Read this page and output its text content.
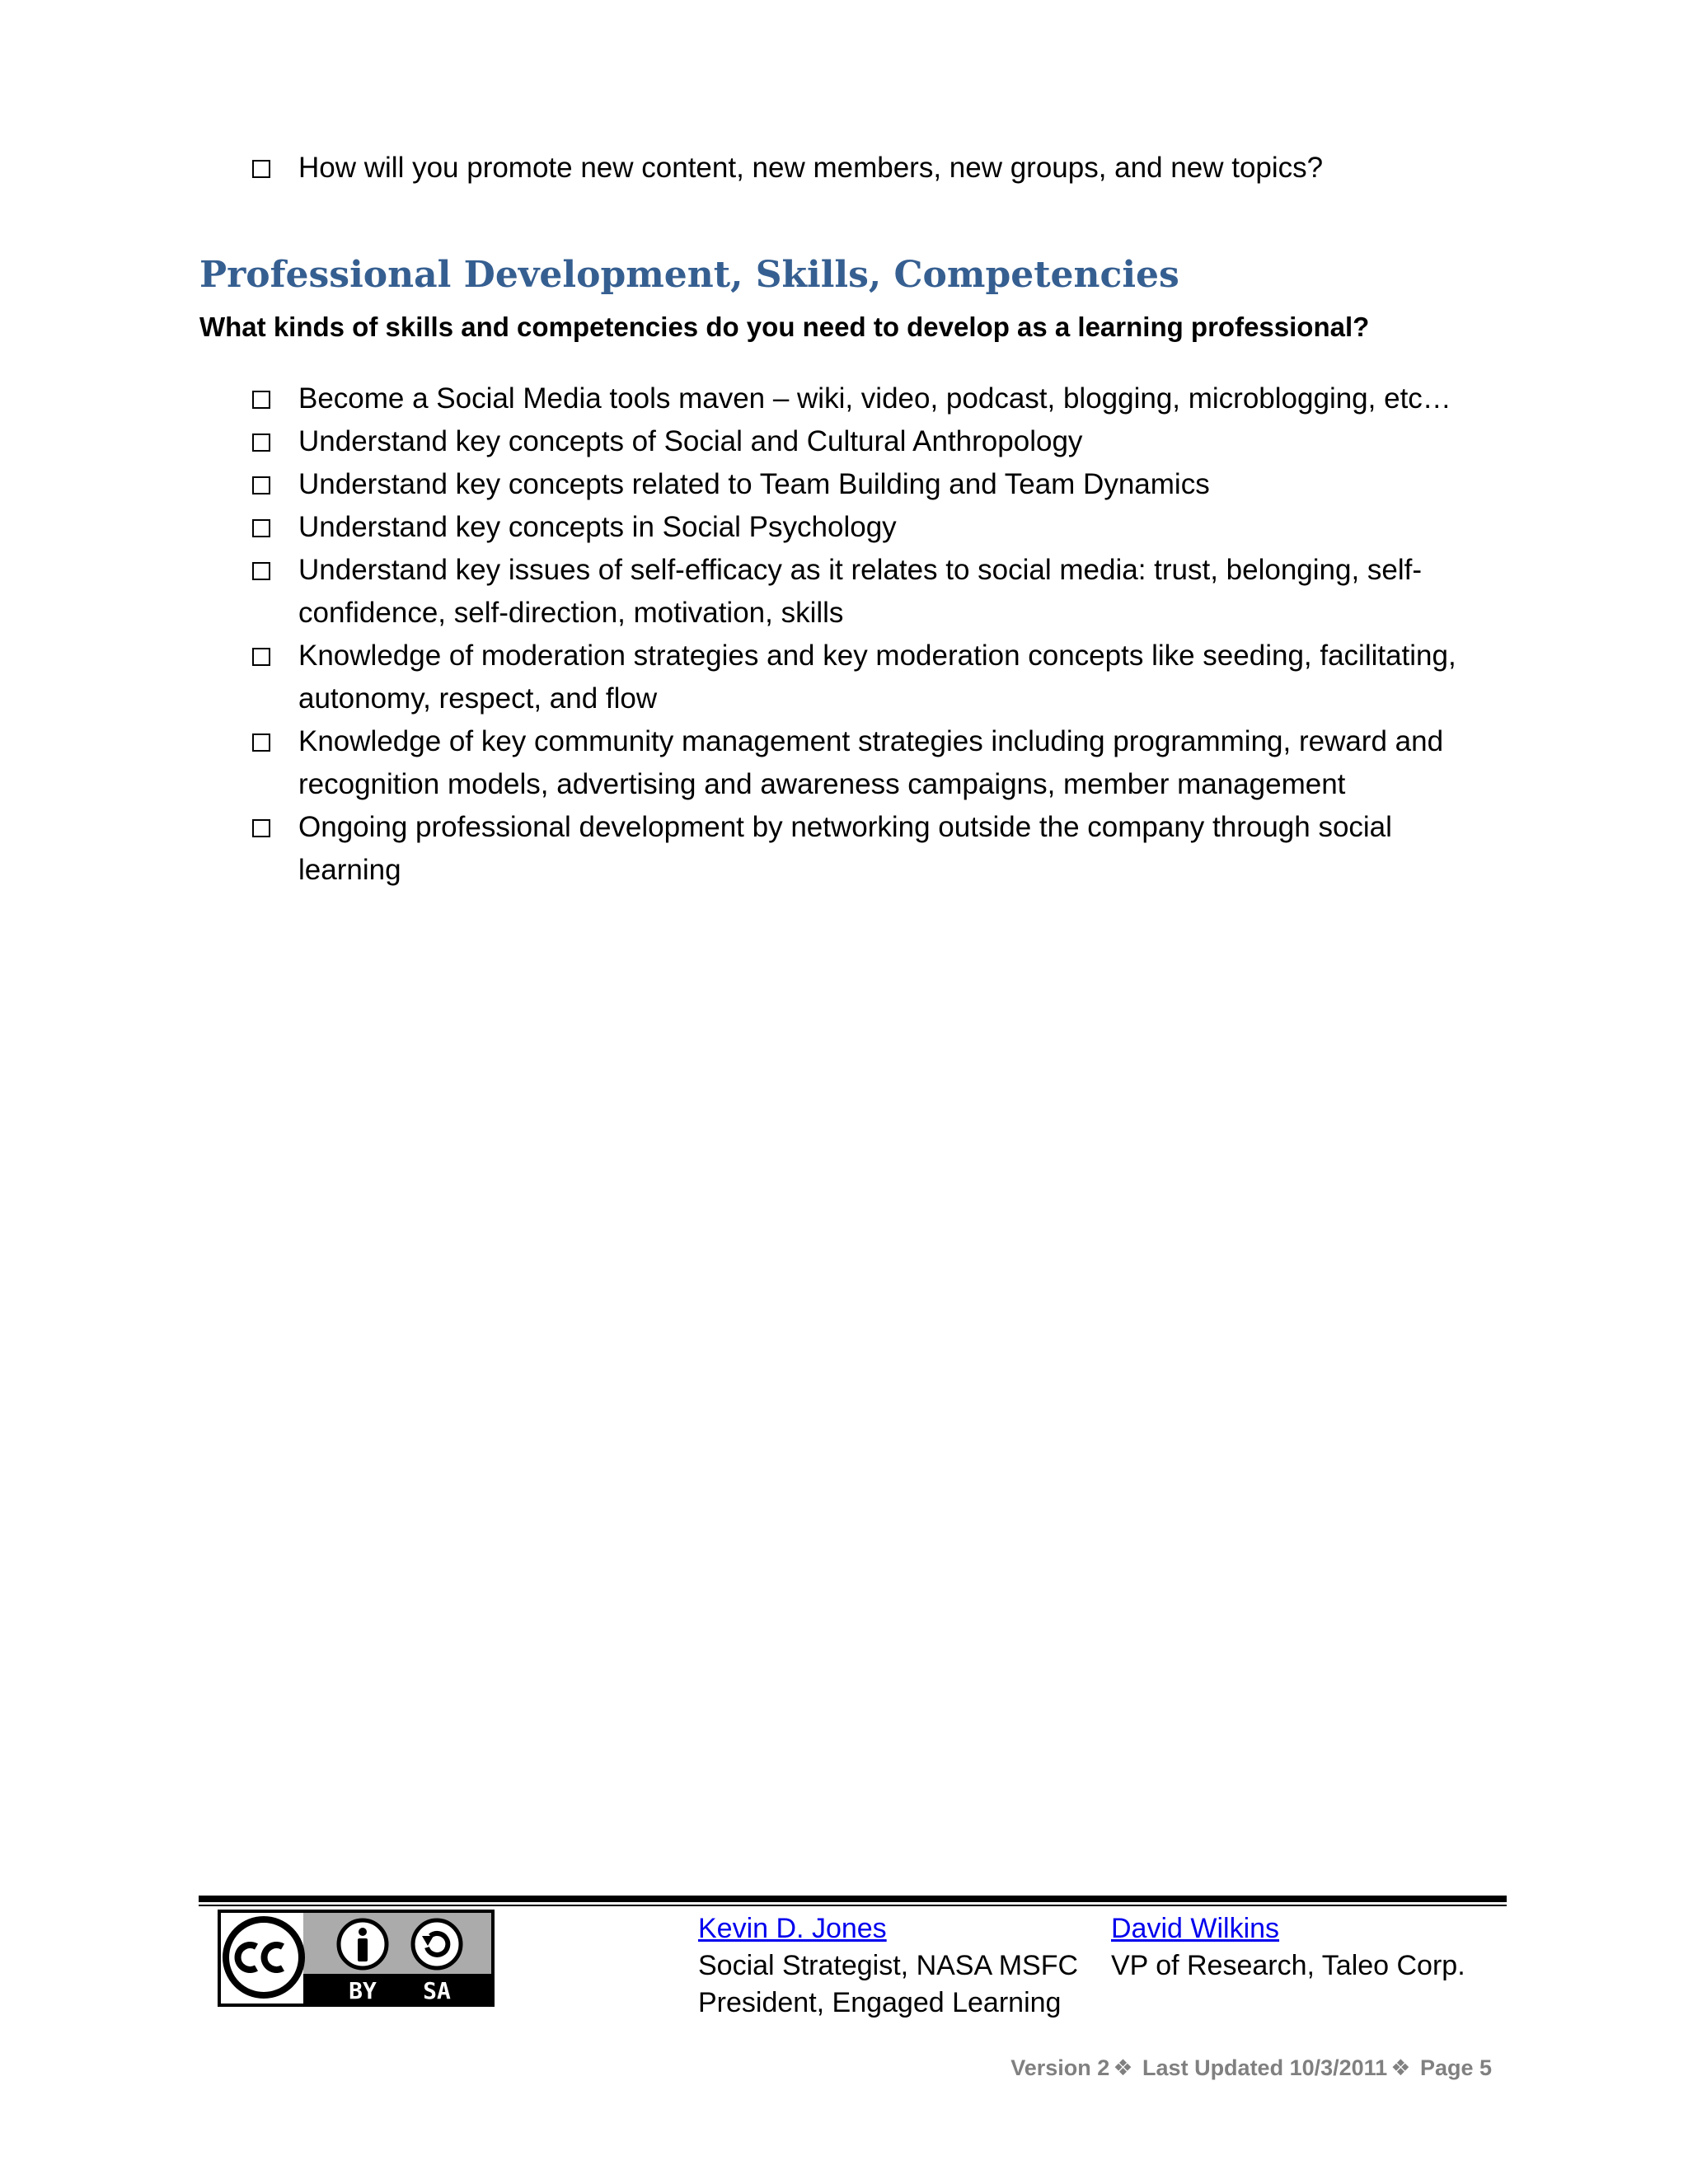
How will you promote new content, new members, new groups, and new topics?
Professional Development, Skills, Competencies

What kinds of skills and competencies do you need to develop as a learning professional?

Become a Social Media tools maven – wiki, video, podcast, blogging, microblogging, etc…
Understand key concepts of Social and Cultural Anthropology
Understand key concepts related to Team Building and Team Dynamics
Understand key concepts in Social Psychology
Understand key issues of self-efficacy as it relates to social media: trust, belonging, self-confidence, self-direction, motivation, skills
Knowledge of moderation strategies and key moderation concepts like seeding, facilitating, autonomy, respect, and flow
Knowledge of key community management strategies including programming, reward and recognition models, advertising and awareness campaigns, member management
Ongoing professional development by networking outside the company through social learning
BY SA
Kevin D. Jones
Social Strategist, NASA MSFC
President, Engaged Learning
David Wilkins
VP of Research, Taleo Corp.
Version 2 ❖ Last Updated 10/3/2011 ❖ Page 5
